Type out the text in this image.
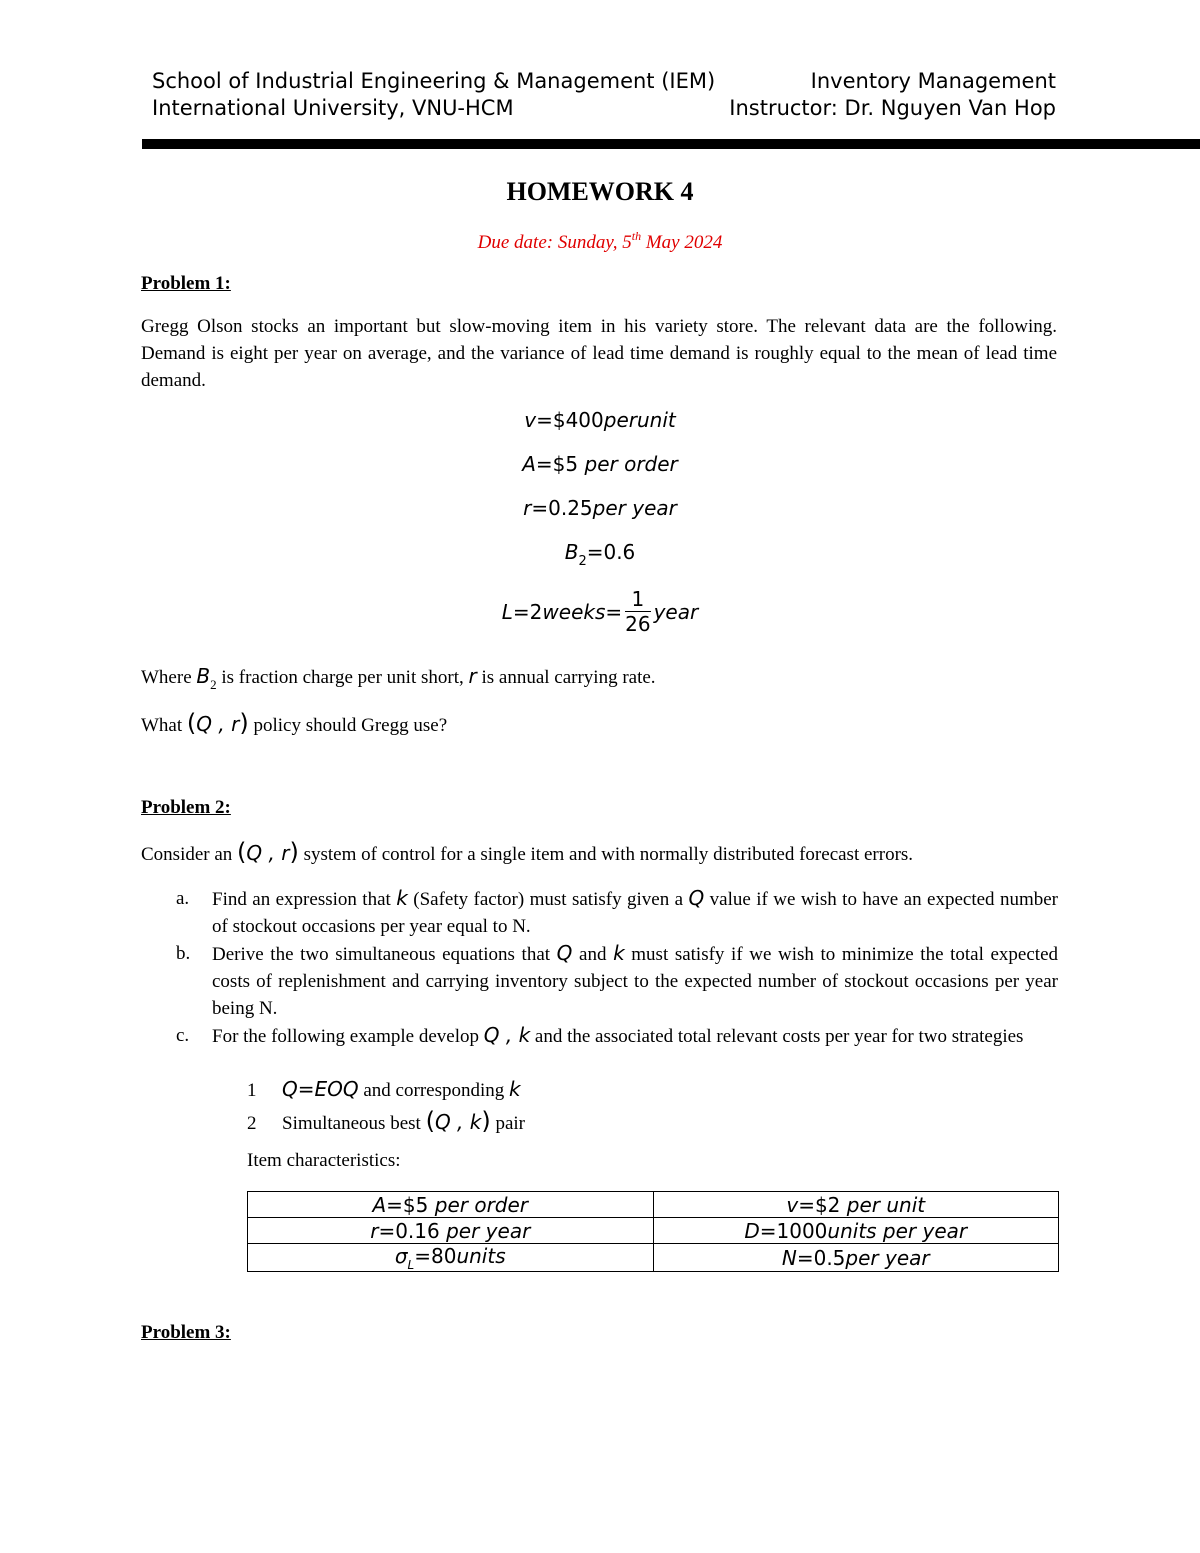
School of Industrial Engineering & Management (IEM)	Inventory Management
International University, VNU-HCM	Instructor: Dr. Nguyen Van Hop
HOMEWORK 4
Due date: Sunday, 5th May 2024
Problem 1:
Gregg Olson stocks an important but slow-moving item in his variety store. The relevant data are the following. Demand is eight per year on average, and the variance of lead time demand is roughly equal to the mean of lead time demand.
v=$400perunit
A=$5 per order
r=0.25per year
$B_2=0.6$
L=2weeks= $\frac{1}{26}$ year
Where $B_2$ is fraction charge per unit short, r is annual carrying rate.
What (Q , r) policy should Gregg use?
Problem 2:
Consider an (Q , r) system of control for a single item and with normally distributed forecast errors.
a. Find an expression that k (Safety factor) must satisfy given a Q value if we wish to have an expected number of stockout occasions per year equal to N.
b. Derive the two simultaneous equations that Q and k must satisfy if we wish to minimize the total expected costs of replenishment and carrying inventory subject to the expected number of stockout occasions per year being N.
c. For the following example develop Q , k and the associated total relevant costs per year for two strategies
1 Q=EOQ and corresponding k
2 Simultaneous best (Q , k) pair
Item characteristics:
A=$5 per order	v=$2 per unit
r=0.16 per year	D=1000units per year
$\sigma_L=80units$	N=0.5per year
Problem 3:
